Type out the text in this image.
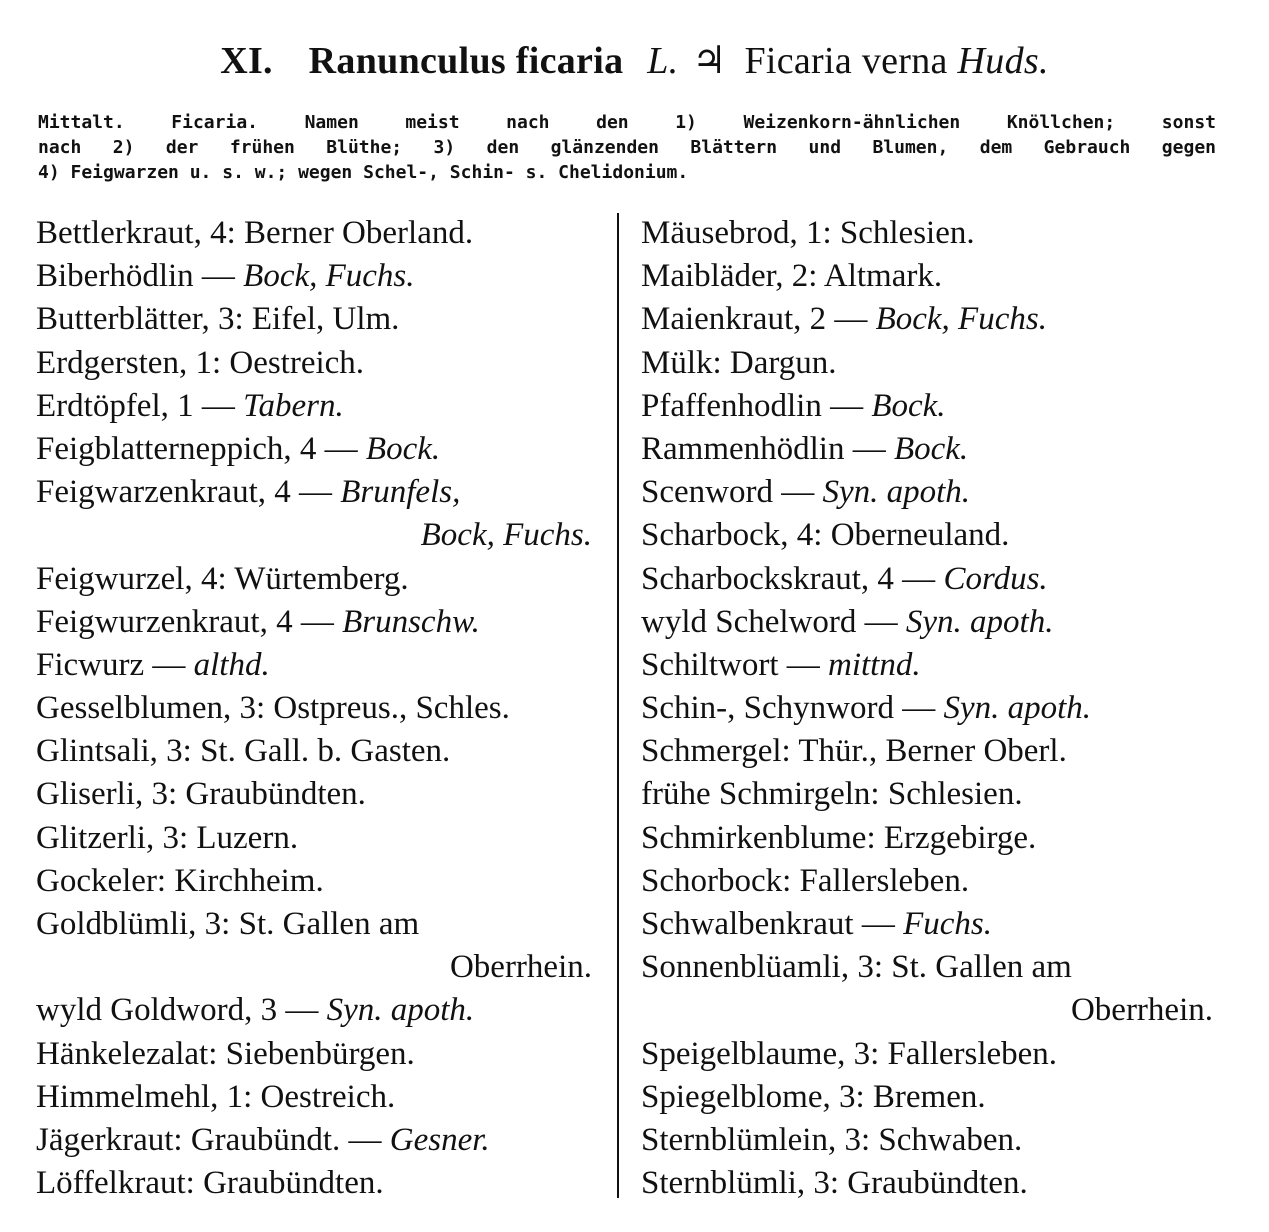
XI. Ranunculus ficaria L. ♃ Ficaria verna Huds.
Mittalt. Ficaria. Namen meist nach den 1) Weizenkorn-ähnlichen Knöllchen; sonst
nach 2) der frühen Blüthe; 3) den glänzenden Blättern und Blumen, dem Gebrauch gegen
4) Feigwarzen u. s. w.; wegen Schel-, Schin- s. Chelidonium.
Bettlerkraut, 4: Berner Oberland.
Biberhödlin — Bock, Fuchs.
Butterblätter, 3: Eifel, Ulm.
Erdgersten, 1: Oestreich.
Erdtöpfel, 1 — Tabern.
Feigblatterneppich, 4 — Bock.
Feigwarzenkraut, 4 — Brunfels,
Bock, Fuchs.
Feigwurzel, 4: Würtemberg.
Feigwurzenkraut, 4 — Brunschw.
Ficwurz — althd.
Gesselblumen, 3: Ostpreus., Schles.
Glintsali, 3: St. Gall. b. Gasten.
Gliserli, 3: Graubündten.
Glitzerli, 3: Luzern.
Gockeler: Kirchheim.
Goldblümli, 3: St. Gallen am
Oberrhein.
wyld Goldword, 3 — Syn. apoth.
Hänkelezalat: Siebenbürgen.
Himmelmehl, 1: Oestreich.
Jägerkraut: Graubündt. — Gesner.
Löffelkraut: Graubündten.
Mäusebrod, 1: Schlesien.
Maibläder, 2: Altmark.
Maienkraut, 2 — Bock, Fuchs.
Mülk: Dargun.
Pfaffenhodlin — Bock.
Rammenhödlin — Bock.
Scenword — Syn. apoth.
Scharbock, 4: Oberneuland.
Scharbockskraut, 4 — Cordus.
wyld Schelword — Syn. apoth.
Schiltwort — mittnd.
Schin-, Schynword — Syn. apoth.
Schmergel: Thür., Berner Oberl.
frühe Schmirgeln: Schlesien.
Schmirkenblume: Erzgebirge.
Schorbock: Fallersleben.
Schwalbenkraut — Fuchs.
Sonnenblüamli, 3: St. Gallen am
Oberrhein.
Speigelblaume, 3: Fallersleben.
Spiegelblome, 3: Bremen.
Sternblümlein, 3: Schwaben.
Sternblümli, 3: Graubündten.
